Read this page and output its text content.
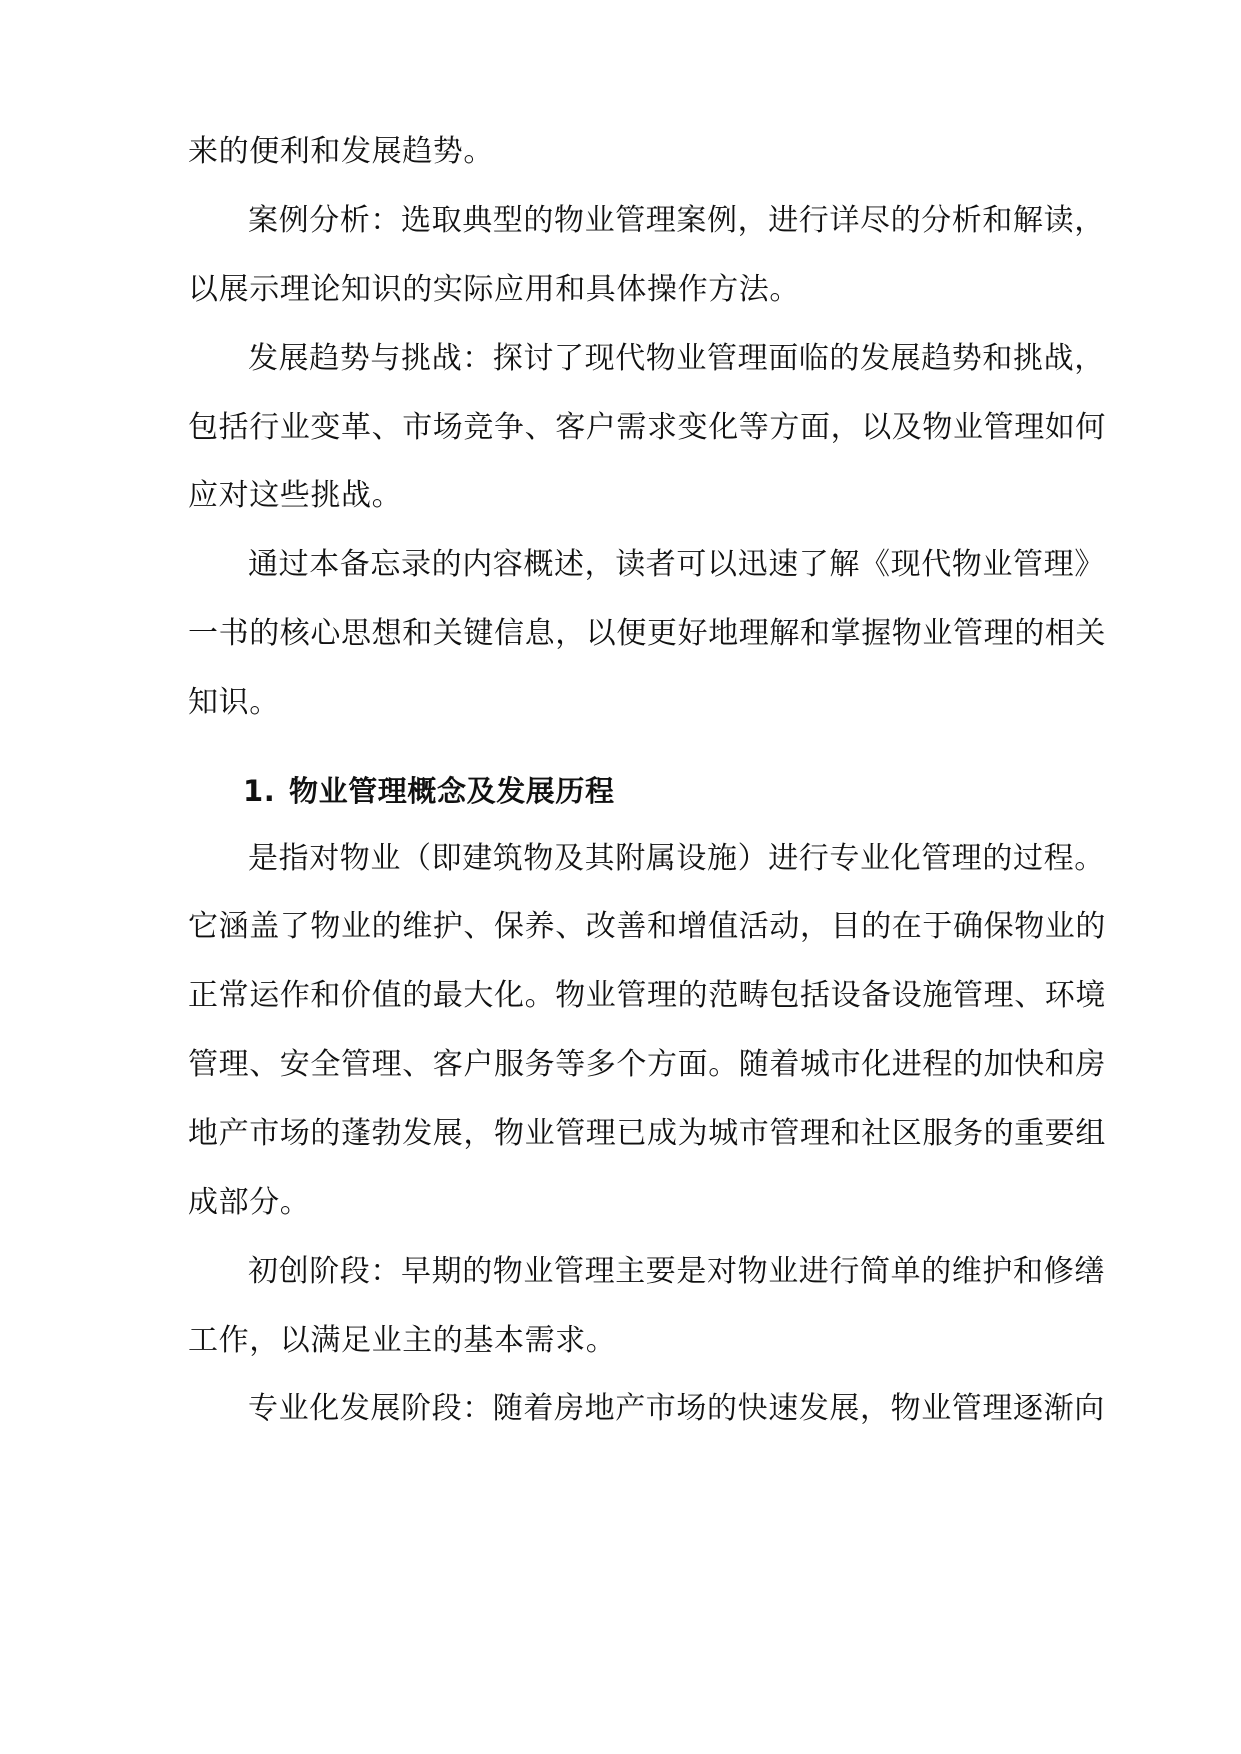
来的便利和发展趋势。
案例分析：选取典型的物业管理案例，进行详尽的分析和解读，
以展示理论知识的实际应用和具体操作方法。
发展趋势与挑战：探讨了现代物业管理面临的发展趋势和挑战，
包括行业变革、市场竞争、客户需求变化等方面，以及物业管理如何
应对这些挑战。
通过本备忘录的内容概述，读者可以迅速了解《现代物业管理》
一书的核心思想和关键信息，以便更好地理解和掌握物业管理的相关
知识。
1. 物业管理概念及发展历程
是指对物业（即建筑物及其附属设施）进行专业化管理的过程。
它涵盖了物业的维护、保养、改善和增值活动，目的在于确保物业的
正常运作和价值的最大化。物业管理的范畴包括设备设施管理、环境
管理、安全管理、客户服务等多个方面。随着城市化进程的加快和房
地产市场的蓬勃发展，物业管理已成为城市管理和社区服务的重要组
成部分。
初创阶段：早期的物业管理主要是对物业进行简单的维护和修缮
工作，以满足业主的基本需求。
专业化发展阶段：随着房地产市场的快速发展，物业管理逐渐向
